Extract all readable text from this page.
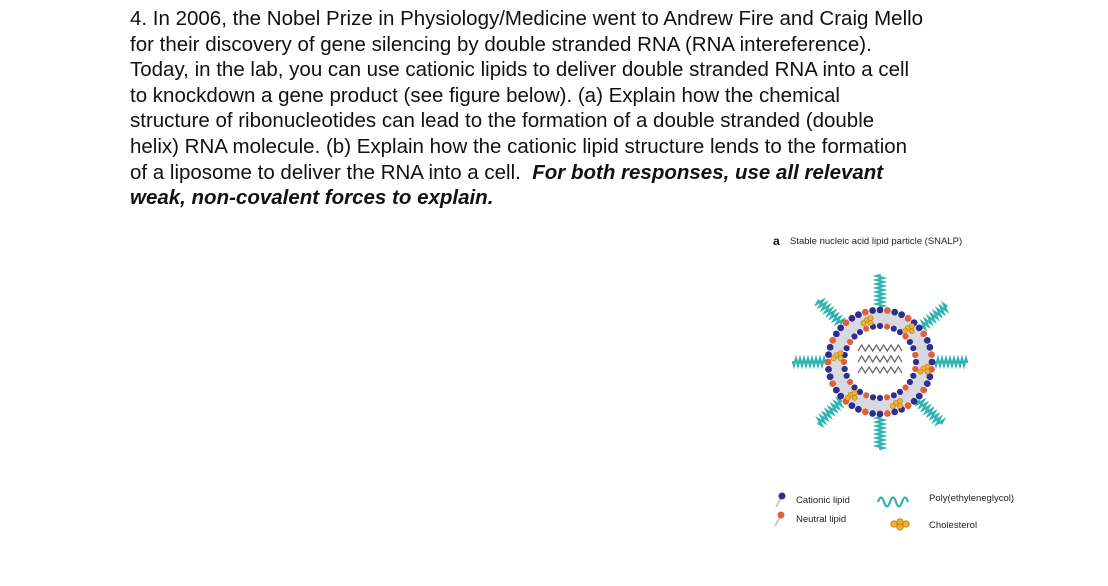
4. In 2006, the Nobel Prize in Physiology/Medicine went to Andrew Fire and Craig Mello
for their discovery of gene silencing by double stranded RNA (RNA intereference).
Today, in the lab, you can use cationic lipids to deliver double stranded RNA into a cell
to knockdown a gene product (see figure below). (a) Explain how the chemical
structure of ribonucleotides can lead to the formation of a double stranded (double
helix) RNA molecule. (b) Explain how the cationic lipid structure lends to the formation
of a liposome to deliver the RNA into a cell. For both responses, use all relevant
weak, non-covalent forces to explain.
a Stable nucleic acid lipid particle (SNALP)
Cationic lipid
Neutral lipid
Poly(ethyleneglycol)
Cholesterol
